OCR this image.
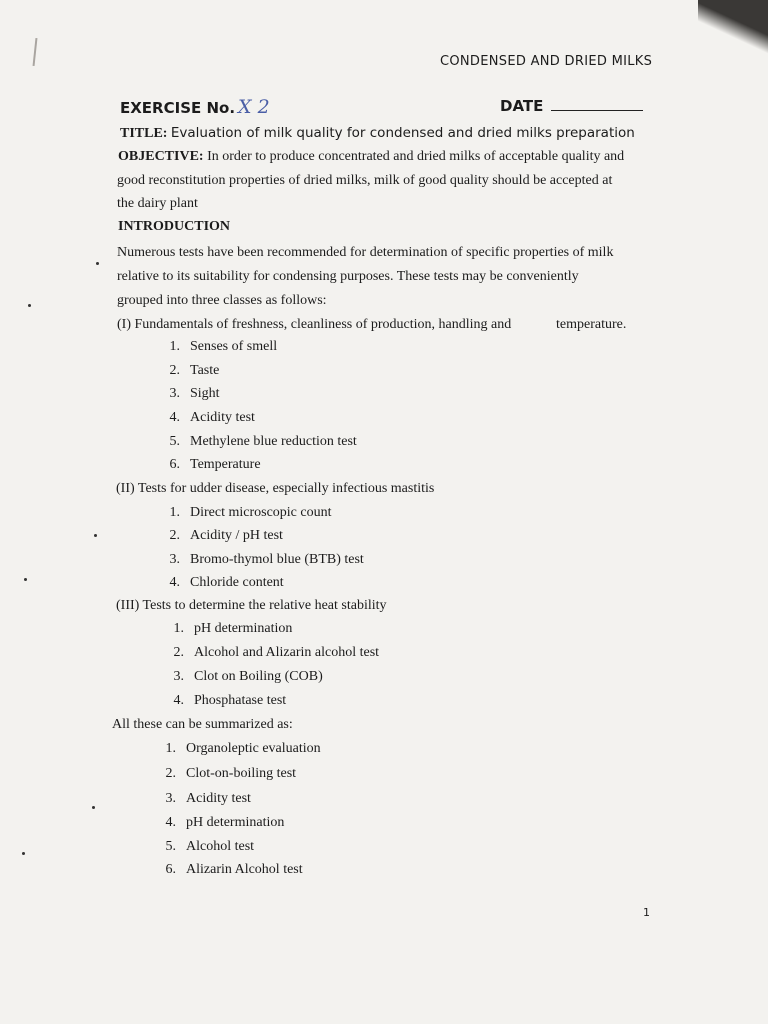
CONDENSED AND DRIED MILKS
EXERCISE No. X 2	DATE
TITLE: Evaluation of milk quality for condensed and dried milks preparation
OBJECTIVE: In order to produce concentrated and dried milks of acceptable quality and
good reconstitution properties of dried milks, milk of good quality should be accepted at
the dairy plant
INTRODUCTION
Numerous tests have been recommended for determination of specific properties of milk
relative to its suitability for condensing purposes. These tests may be conveniently
grouped into three classes as follows:
(I) Fundamentals of freshness, cleanliness of production, handling and	temperature.
1. Senses of smell
2. Taste
3. Sight
4. Acidity test
5. Methylene blue reduction test
6. Temperature
(II) Tests for udder disease, especially infectious mastitis
1. Direct microscopic count
2. Acidity / pH test
3. Bromo-thymol blue (BTB) test
4. Chloride content
(III) Tests to determine the relative heat stability
1. pH determination
2. Alcohol and Alizarin alcohol test
3. Clot on Boiling (COB)
4. Phosphatase test
All these can be summarized as:
1. Organoleptic evaluation
2. Clot-on-boiling test
3. Acidity test
4. pH determination
5. Alcohol test
6. Alizarin Alcohol test
1
